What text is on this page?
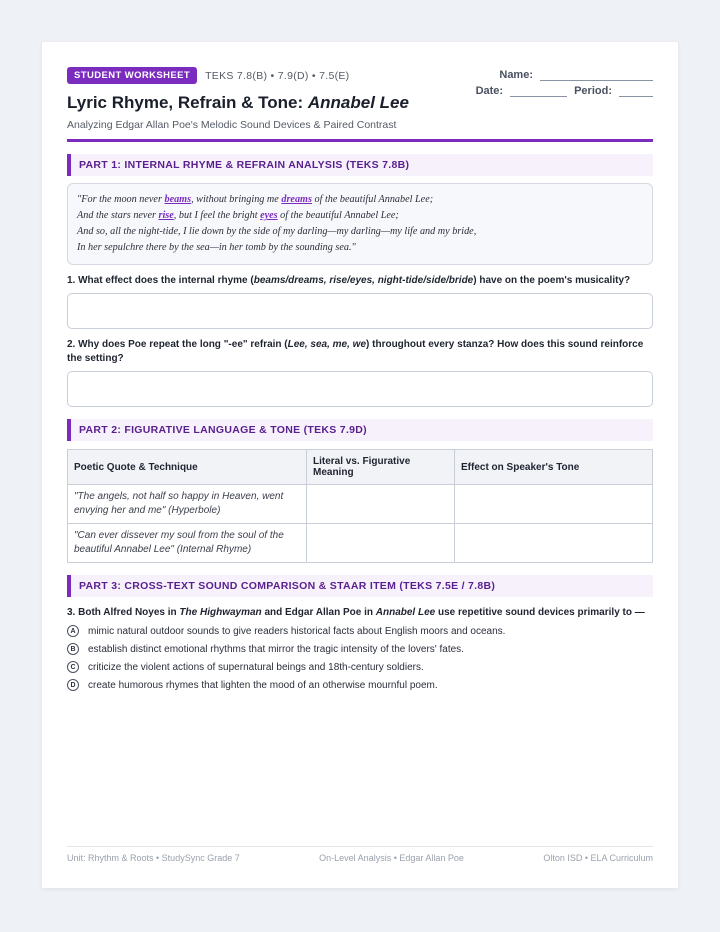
STUDENT WORKSHEET	TEKS 7.8(B) • 7.9(D) • 7.5(E)
Lyric Rhyme, Refrain & Tone: Annabel Lee
Analyzing Edgar Allan Poe's Melodic Sound Devices & Paired Contrast
Name:
Date:	Period:
PART 1: INTERNAL RHYME & REFRAIN ANALYSIS (TEKS 7.8B)
"For the moon never beams, without bringing me dreams of the beautiful Annabel Lee;
And the stars never rise, but I feel the bright eyes of the beautiful Annabel Lee;
And so, all the night-tide, I lie down by the side of my darling—my darling—my life and my bride,
In her sepulchre there by the sea—in her tomb by the sounding sea."
1. What effect does the internal rhyme (beams/dreams, rise/eyes, night-tide/side/bride) have on the poem's musicality?
2. Why does Poe repeat the long "-ee" refrain (Lee, sea, me, we) throughout every stanza? How does this sound reinforce the setting?
PART 2: FIGURATIVE LANGUAGE & TONE (TEKS 7.9D)
Poetic Quote & Technique	Literal vs. Figurative Meaning	Effect on Speaker's Tone
"The angels, not half so happy in Heaven, went envying her and me" (Hyperbole)		
"Can ever dissever my soul from the soul of the beautiful Annabel Lee" (Internal Rhyme)		
PART 3: CROSS-TEXT SOUND COMPARISON & STAAR ITEM (TEKS 7.5E / 7.8B)
3. Both Alfred Noyes in The Highwayman and Edgar Allan Poe in Annabel Lee use repetitive sound devices primarily to —
A	mimic natural outdoor sounds to give readers historical facts about English moors and oceans.
B	establish distinct emotional rhythms that mirror the tragic intensity of the lovers' fates.
C	criticize the violent actions of supernatural beings and 18th-century soldiers.
D	create humorous rhymes that lighten the mood of an otherwise mournful poem.
Unit: Rhythm & Roots • StudySync Grade 7	On-Level Analysis • Edgar Allan Poe	Olton ISD • ELA Curriculum
